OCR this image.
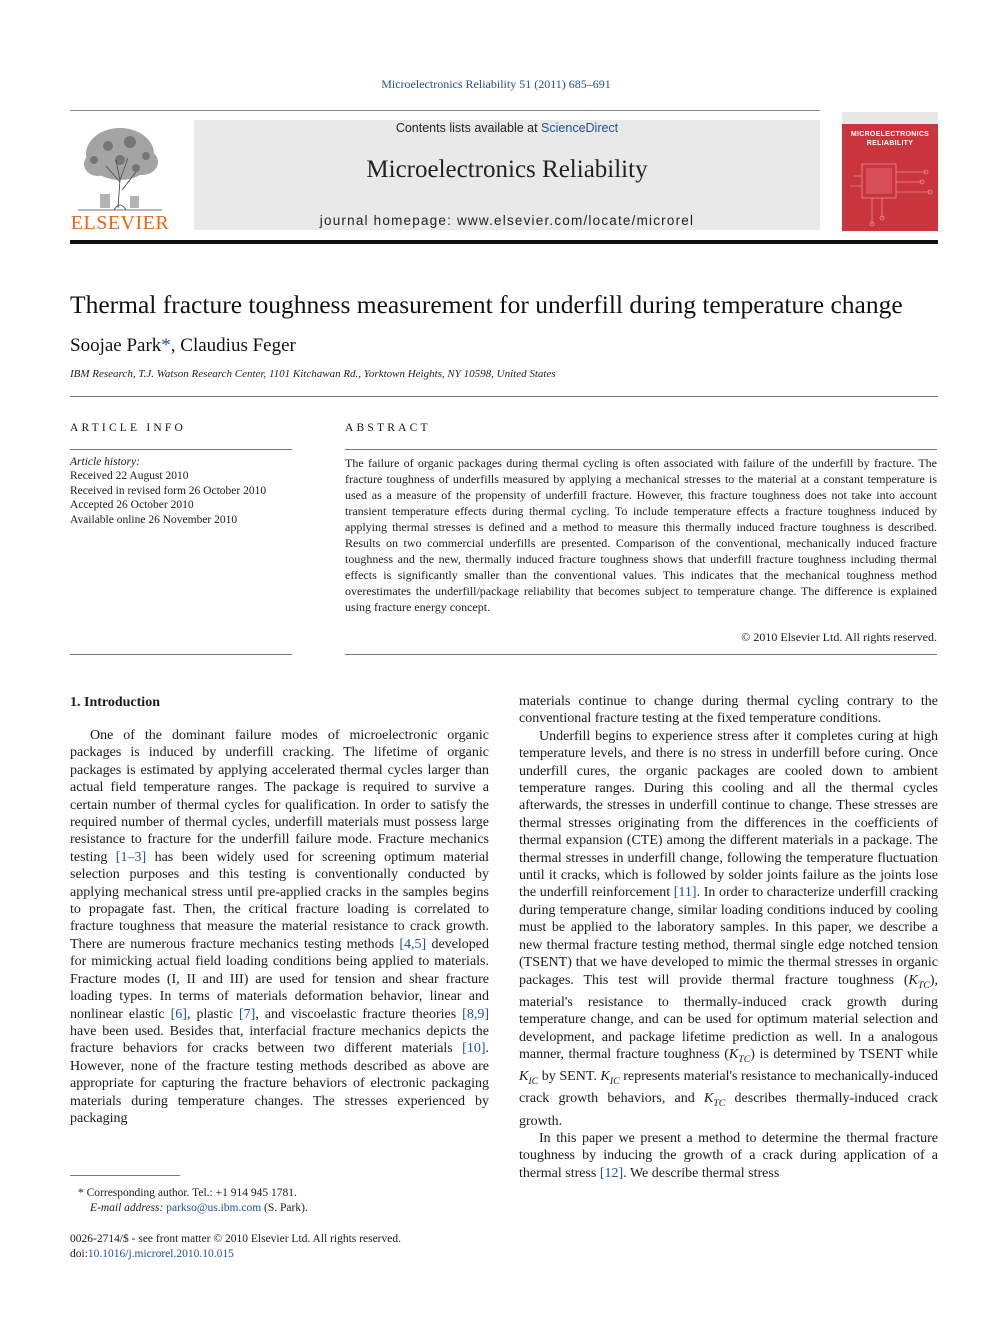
Microelectronics Reliability 51 (2011) 685–691
ELSEVIER
Contents lists available at ScienceDirect
Microelectronics Reliability
journal homepage: www.elsevier.com/locate/microrel
MICROELECTRONICS
RELIABILITY
Thermal fracture toughness measurement for underfill during temperature change
Soojae Park*, Claudius Feger
IBM Research, T.J. Watson Research Center, 1101 Kitchawan Rd., Yorktown Heights, NY 10598, United States
ARTICLE INFO
Article history:
Received 22 August 2010
Received in revised form 26 October 2010
Accepted 26 October 2010
Available online 26 November 2010
ABSTRACT
The failure of organic packages during thermal cycling is often associated with failure of the underfill by fracture. The fracture toughness of underfills measured by applying a mechanical stresses to the material at a constant temperature is used as a measure of the propensity of underfill fracture. However, this fracture toughness does not take into account transient temperature effects during thermal cycling. To include temperature effects a fracture toughness induced by applying thermal stresses is defined and a method to measure this thermally induced fracture toughness is described. Results on two commercial underfills are presented. Comparison of the conventional, mechanically induced fracture toughness and the new, thermally induced fracture toughness shows that underfill fracture toughness including thermal effects is significantly smaller than the conventional values. This indicates that the mechanical toughness method overestimates the underfill/package reliability that becomes subject to temperature change. The difference is explained using fracture energy concept.
© 2010 Elsevier Ltd. All rights reserved.
1. Introduction

One of the dominant failure modes of microelectronic organic packages is induced by underfill cracking. The lifetime of organic packages is estimated by applying accelerated thermal cycles larger than actual field temperature ranges. The package is required to survive a certain number of thermal cycles for qualification. In order to satisfy the required number of thermal cycles, underfill materials must possess large resistance to fracture for the underfill failure mode. Fracture mechanics testing [1–3] has been widely used for screening optimum material selection purposes and this testing is conventionally conducted by applying mechanical stress until pre-applied cracks in the samples begins to propagate fast. Then, the critical fracture loading is correlated to fracture toughness that measure the material resistance to crack growth. There are numerous fracture mechanics testing methods [4,5] developed for mimicking actual field loading conditions being applied to materials. Fracture modes (I, II and III) are used for tension and shear fracture loading types. In terms of materials deformation behavior, linear and nonlinear elastic [6], plastic [7], and viscoelastic fracture theories [8,9] have been used. Besides that, interfacial fracture mechanics depicts the fracture behaviors for cracks between two different materials [10]. However, none of the fracture testing methods described as above are appropriate for capturing the fracture behaviors of electronic packaging materials during temperature changes. The stresses experienced by packaging

materials continue to change during thermal cycling contrary to the conventional fracture testing at the fixed temperature conditions.

Underfill begins to experience stress after it completes curing at high temperature levels, and there is no stress in underfill before curing. Once underfill cures, the organic packages are cooled down to ambient temperature ranges. During this cooling and all the thermal cycles afterwards, the stresses in underfill continue to change. These stresses are thermal stresses originating from the differences in the coefficients of thermal expansion (CTE) among the different materials in a package. The thermal stresses in underfill change, following the temperature fluctuation until it cracks, which is followed by solder joints failure as the joints lose the underfill reinforcement [11]. In order to characterize underfill cracking during temperature change, similar loading conditions induced by cooling must be applied to the laboratory samples. In this paper, we describe a new thermal fracture testing method, thermal single edge notched tension (TSENT) that we have developed to mimic the thermal stresses in organic packages. This test will provide thermal fracture toughness $(K_{TC})$, material's resistance to thermally-induced crack growth during temperature change, and can be used for optimum material selection and development, and package lifetime prediction as well. In a analogous manner, thermal fracture toughness $(K_{TC})$ is determined by TSENT while $K_{IC}$ by SENT. $K_{IC}$ represents material's resistance to mechanically-induced crack growth behaviors, and $K_{TC}$ describes thermally-induced crack growth.

In this paper we present a method to determine the thermal fracture toughness by inducing the growth of a crack during application of a thermal stress [12]. We describe thermal stress

* Corresponding author. Tel.: +1 914 945 1781.
E-mail address: parkso@us.ibm.com (S. Park).
0026-2714/$ - see front matter © 2010 Elsevier Ltd. All rights reserved.
doi:10.1016/j.microrel.2010.10.015
